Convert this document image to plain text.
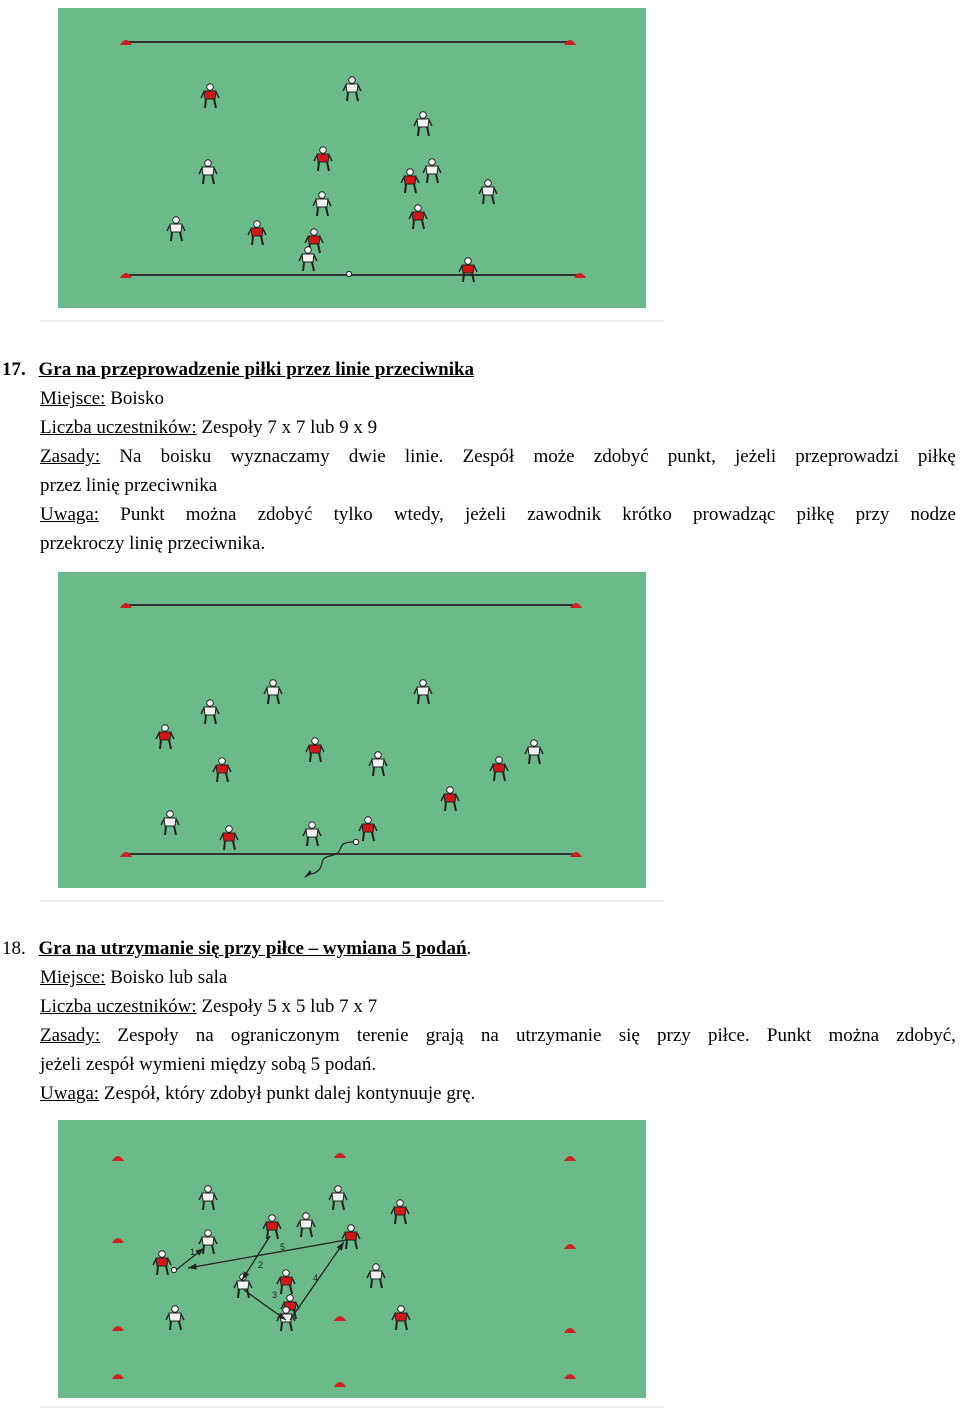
17. Gra na przeprowadzenie piłki przez linie przeciwnika
Miejsce: Boisko
Liczba uczestników: Zespoły 7 x 7 lub 9 x 9
Zasady: Na boisku wyznaczamy dwie linie. Zespół może zdobyć punkt, jeżeli przeprowadzi piłkę
przez linię przeciwnika
Uwaga: Punkt można zdobyć tylko wtedy, jeżeli zawodnik krótko prowadząc piłkę przy nodze
przekroczy linię przeciwnika.
18. Gra na utrzymanie się przy piłce – wymiana 5 podań.
Miejsce: Boisko lub sala
Liczba uczestników: Zespoły 5 x 5 lub 7 x 7
Zasady: Zespoły na ograniczonym terenie grają na utrzymanie się przy piłce. Punkt można zdobyć,
jeżeli zespół wymieni między sobą 5 podań.
Uwaga: Zespół, który zdobył punkt dalej kontynuuje grę.
1
2
3
4
5
